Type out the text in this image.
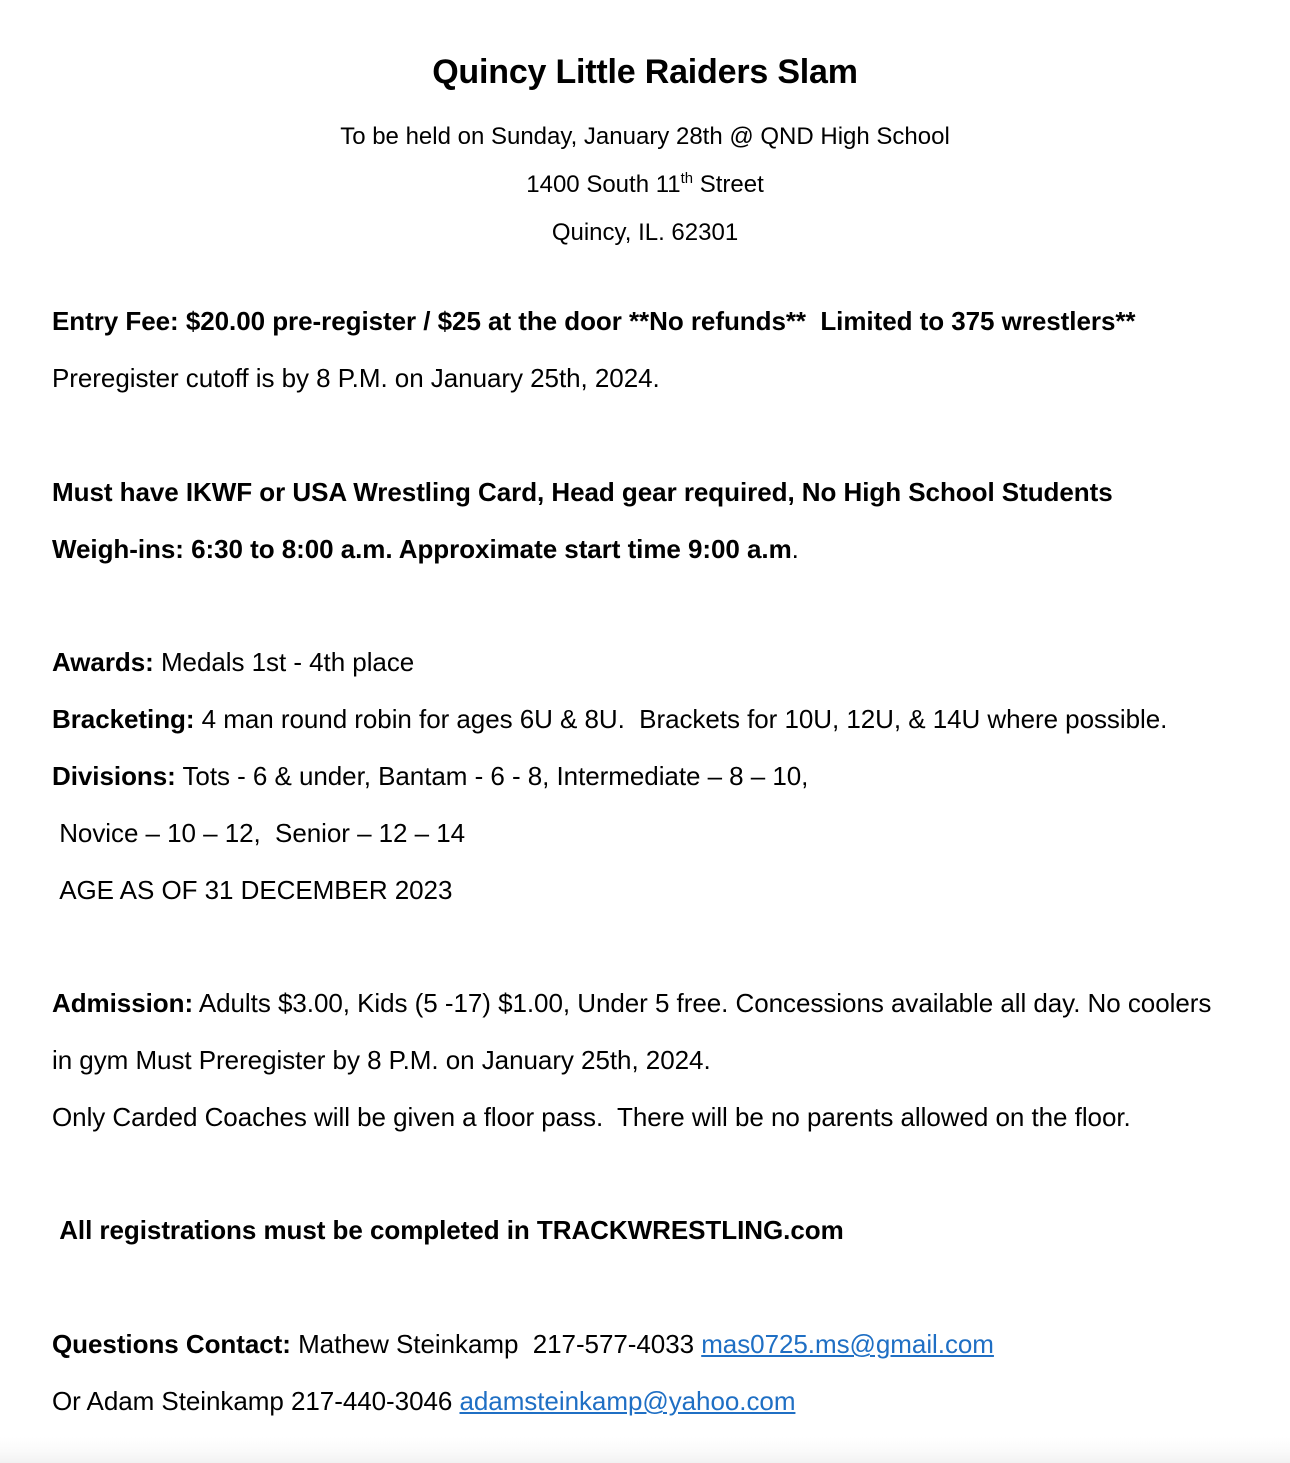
Quincy Little Raiders Slam

To be held on Sunday, January 28th @ QND High School

1400 South 11th Street

Quincy, IL. 62301

Entry Fee: $20.00 pre-register / $25 at the door **No refunds**  Limited to 375 wrestlers**

Preregister cutoff is by 8 P.M. on January 25th, 2024.

Must have IKWF or USA Wrestling Card, Head gear required, No High School Students

Weigh-ins: 6:30 to 8:00 a.m. Approximate start time 9:00 a.m.

Awards: Medals 1st - 4th place

Bracketing: 4 man round robin for ages 6U & 8U.  Brackets for 10U, 12U, & 14U where possible.

Divisions: Tots - 6 & under, Bantam - 6 - 8, Intermediate – 8 – 10,

Novice – 10 – 12,  Senior – 12 – 14

AGE AS OF 31 DECEMBER 2023

Admission: Adults $3.00, Kids (5 -17) $1.00, Under 5 free. Concessions available all day. No coolers in gym Must Preregister by 8 P.M. on January 25th, 2024.

Only Carded Coaches will be given a floor pass.  There will be no parents allowed on the floor.

All registrations must be completed in TRACKWRESTLING.com

Questions Contact: Mathew Steinkamp  217-577-4033 mas0725.ms@gmail.com

Or Adam Steinkamp 217-440-3046 adamsteinkamp@yahoo.com
